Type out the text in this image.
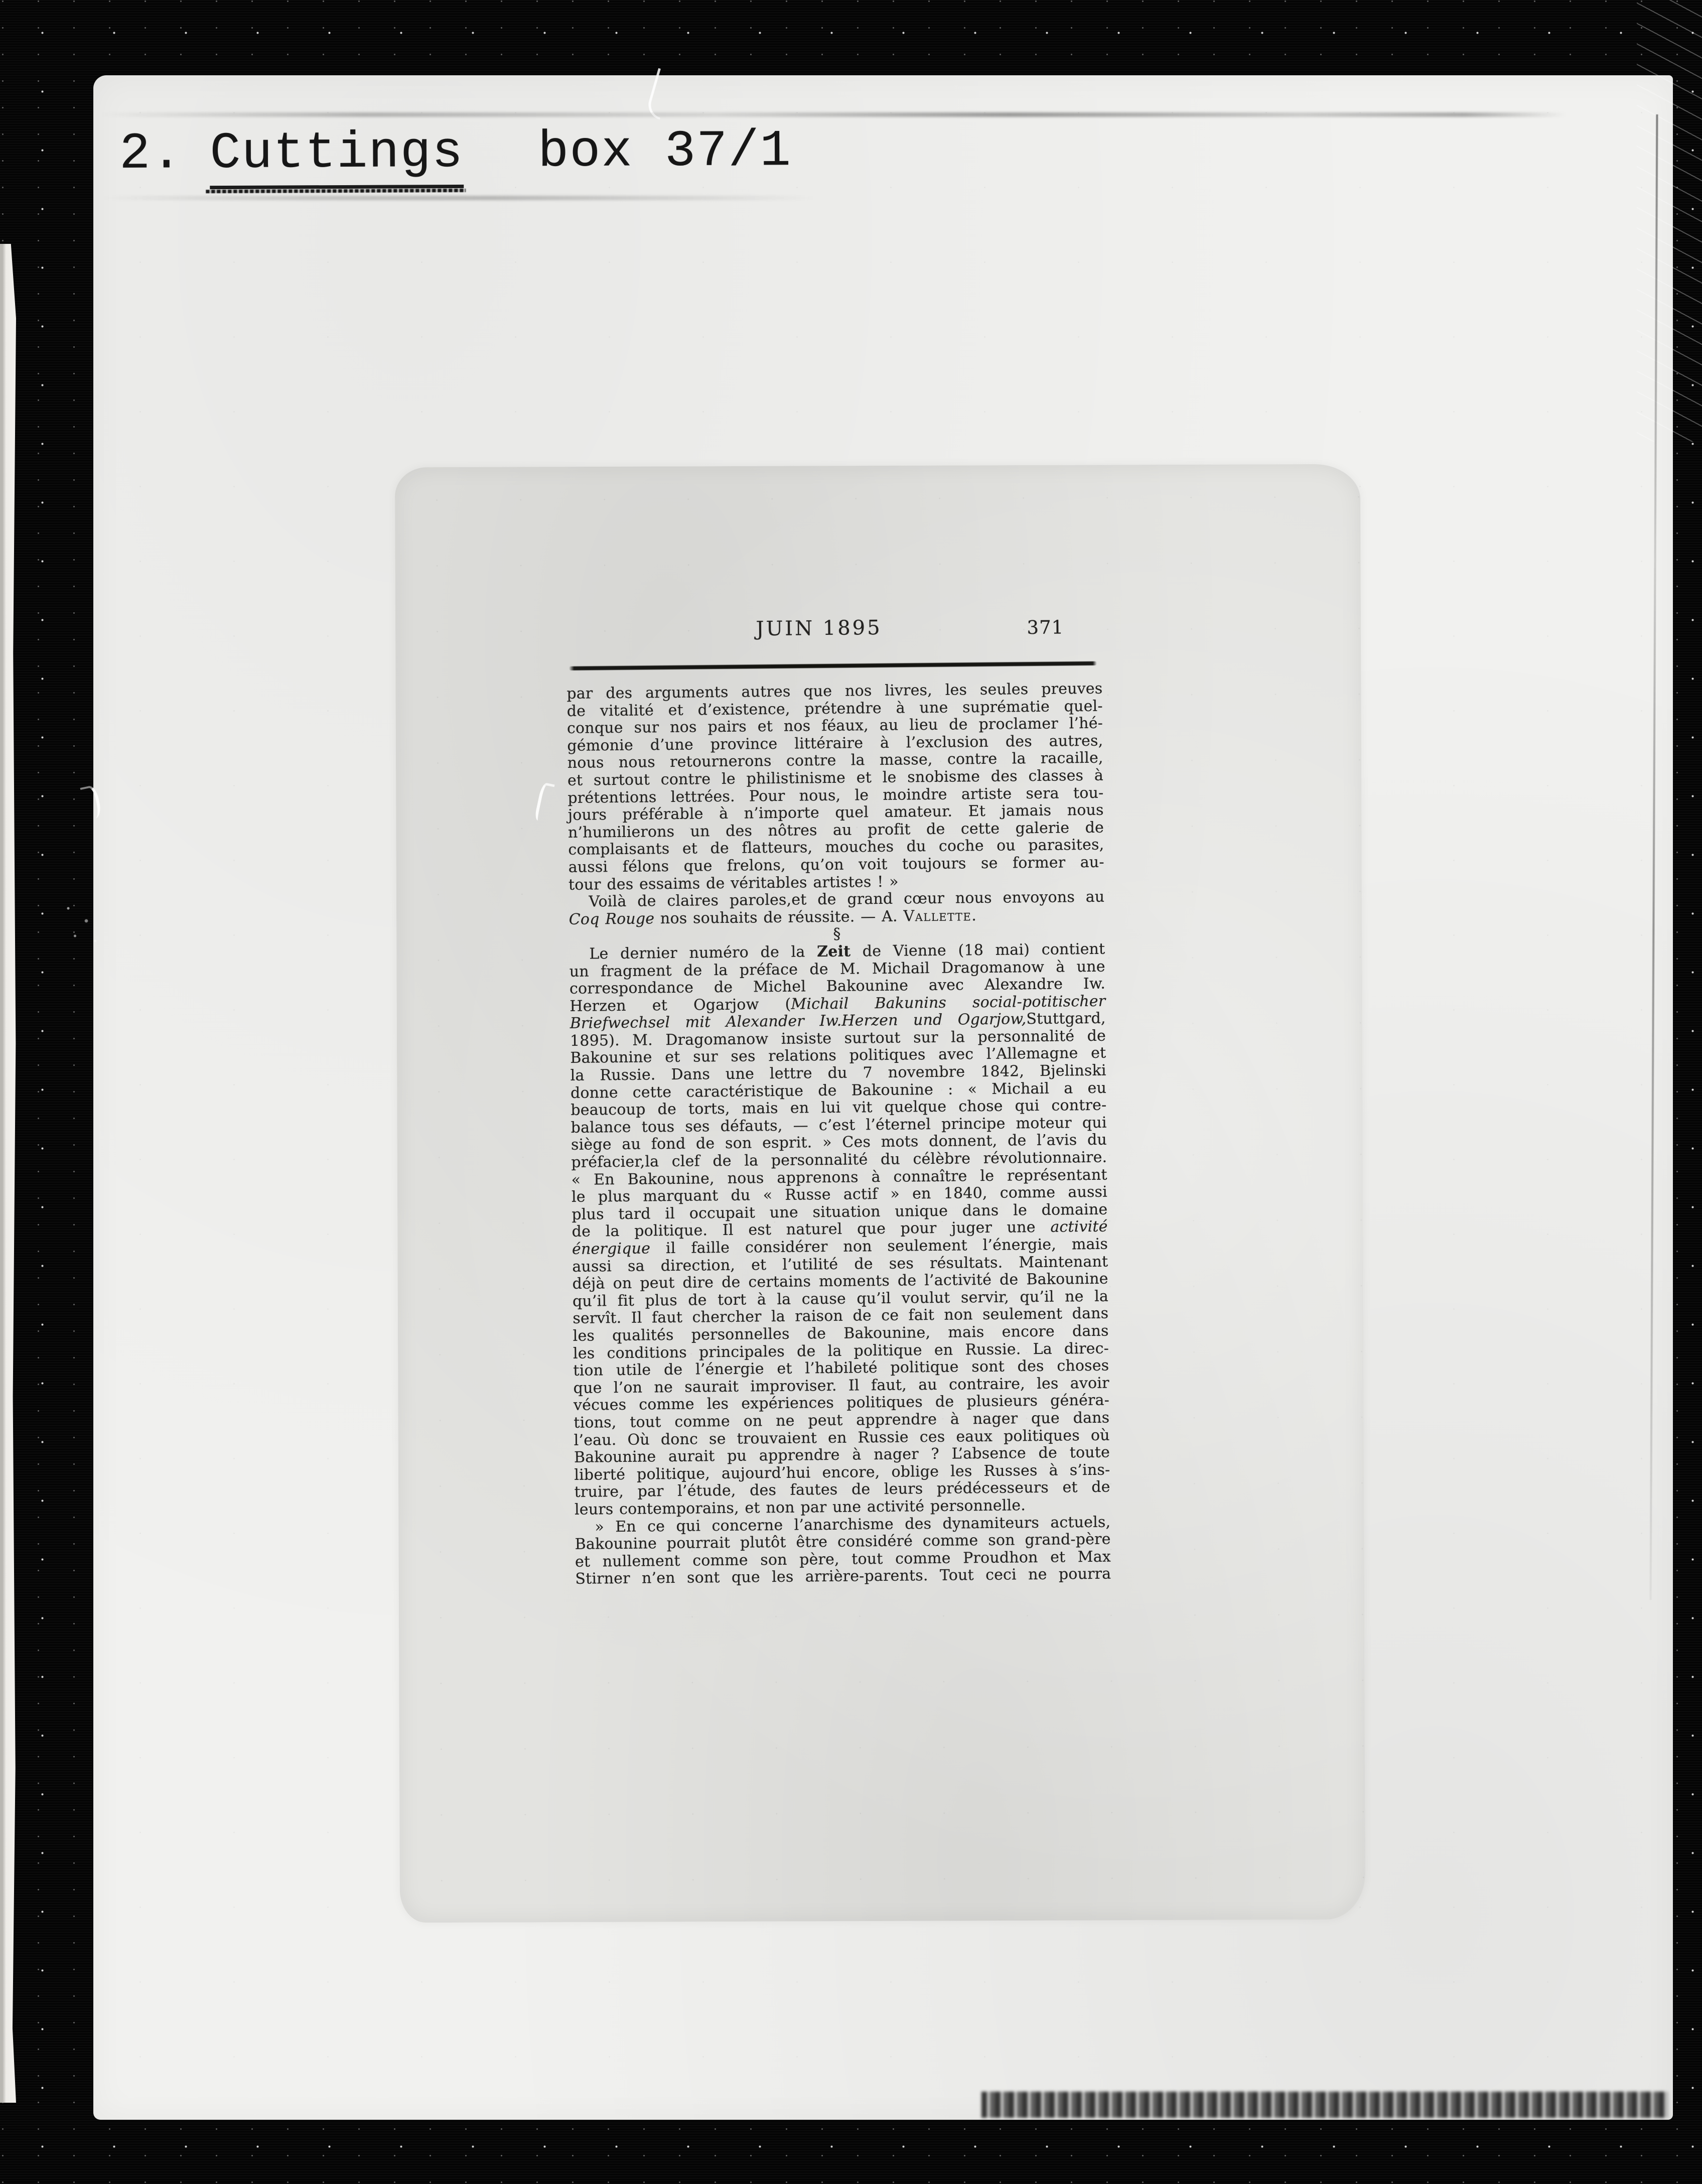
2. Cuttings box 37/1
JUIN 1895	371
par des arguments autres que nos livres, les seules preuves
de vitalité et d’existence, prétendre à une suprématie quel-
conque sur nos pairs et nos féaux, au lieu de proclamer l’hé-
gémonie d’une province littéraire à l’exclusion des autres,
nous nous retournerons contre la masse, contre la racaille,
et surtout contre le philistinisme et le snobisme des classes à
prétentions lettrées. Pour nous, le moindre artiste sera tou-
jours préférable à n’importe quel amateur. Et jamais nous
n’humilierons un des nôtres au profit de cette galerie de
complaisants et de flatteurs, mouches du coche ou parasites,
aussi félons que frelons, qu’on voit toujours se former au-
tour des essaims de véritables artistes ! »
Voilà de claires paroles,et de grand cœur nous envoyons au
Coq Rouge nos souhaits de réussite. — A. Vallette.
§
Le dernier numéro de la Zeit de Vienne (18 mai) contient
un fragment de la préface de M. Michail Dragomanow à une
correspondance de Michel Bakounine avec Alexandre Iw.
Herzen et Ogarjow (Michail Bakunins social-potitischer
Briefwechsel mit Alexander Iw.Herzen und Ogarjow,Stuttgard,
1895). M. Dragomanow insiste surtout sur la personnalité de
Bakounine et sur ses relations politiques avec l’Allemagne et
la Russie. Dans une lettre du 7 novembre 1842, Bjelinski
donne cette caractéristique de Bakounine : « Michail a eu
beaucoup de torts, mais en lui vit quelque chose qui contre-
balance tous ses défauts, — c’est l’éternel principe moteur qui
siège au fond de son esprit. » Ces mots donnent, de l’avis du
préfacier,la clef de la personnalité du célèbre révolutionnaire.
« En Bakounine, nous apprenons à connaître le représentant
le plus marquant du « Russe actif » en 1840, comme aussi
plus tard il occupait une situation unique dans le domaine
de la politique. Il est naturel que pour juger une activité
énergique il faille considérer non seulement l’énergie, mais
aussi sa direction, et l’utilité de ses résultats. Maintenant
déjà on peut dire de certains moments de l’activité de Bakounine
qu’il fit plus de tort à la cause qu’il voulut servir, qu’il ne la
servît. Il faut chercher la raison de ce fait non seulement dans
les qualités personnelles de Bakounine, mais encore dans
les conditions principales de la politique en Russie. La direc-
tion utile de l’énergie et l’habileté politique sont des choses
que l’on ne saurait improviser. Il faut, au contraire, les avoir
vécues comme les expériences politiques de plusieurs généra-
tions, tout comme on ne peut apprendre à nager que dans
l’eau. Où donc se trouvaient en Russie ces eaux politiques où
Bakounine aurait pu apprendre à nager ? L’absence de toute
liberté politique, aujourd’hui encore, oblige les Russes à s’ins-
truire, par l’étude, des fautes de leurs prédécesseurs et de
leurs contemporains, et non par une activité personnelle.
» En ce qui concerne l’anarchisme des dynamiteurs actuels,
Bakounine pourrait plutôt être considéré comme son grand-père
et nullement comme son père, tout comme Proudhon et Max
Stirner n’en sont que les arrière-parents. Tout ceci ne pourra
